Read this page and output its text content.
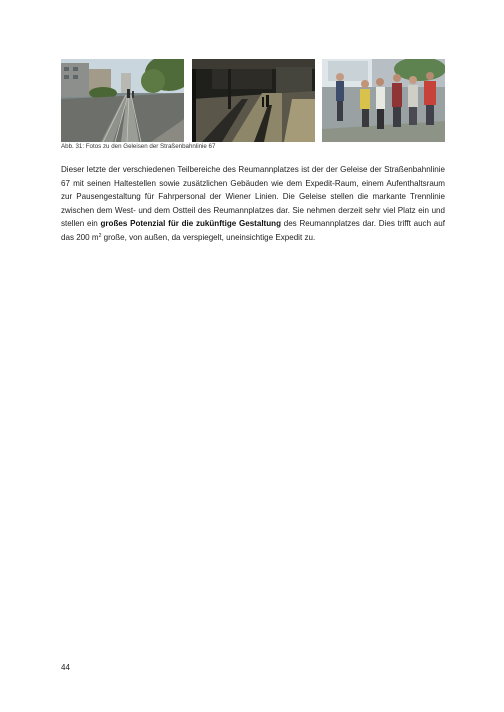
Abb. 31: Fotos zu den Geleisen der Straßenbahnlinie 67
Dieser letzte der verschiedenen Teilbereiche des Reumannplatzes ist der der Geleise der Straßenbahnlinie 67 mit seinen Haltestellen sowie zusätzlichen Gebäuden wie dem Expedit-Raum, einem Aufenthaltsraum zur Pausengestaltung für Fahrpersonal der Wiener Linien. Die Geleise stellen die markante Trennlinie zwischen dem West- und dem Ostteil des Reumannplatzes dar. Sie nehmen derzeit sehr viel Platz ein und stellen ein großes Potenzial für die zukünftige Gestaltung des Reumannplatzes dar. Dies trifft auch auf das 200 $m^2$ große, von außen, da verspiegelt, uneinsichtige Expedit zu.
44
